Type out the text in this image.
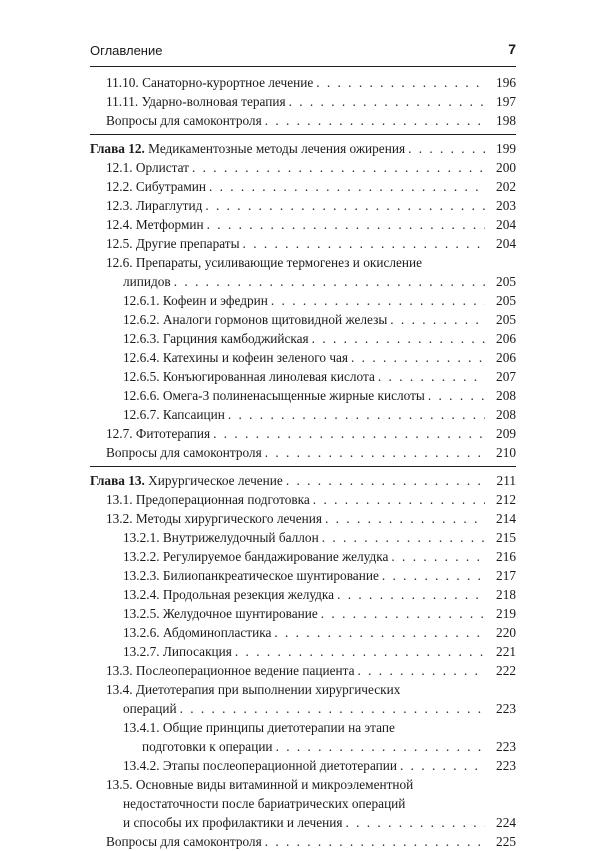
Оглавление	7
11.10. Санаторно-курортное лечение . . .	196
11.11. Ударно-волновая терапия . . .	197
Вопросы для самоконтроля . . .	198
Глава 12. Медикаментозные методы лечения ожирения . . .	199
12.1. Орлистат . . .	200
12.2. Сибутрамин . . .	202
12.3. Лираглутид . . .	203
12.4. Метформин . . .	204
12.5. Другие препараты . . .	204
12.6. Препараты, усиливающие термогенез и окисление
липидов . . .	205
12.6.1. Кофеин и эфедрин . . .	205
12.6.2. Аналоги гормонов щитовидной железы . . .	205
12.6.3. Гарциния камбоджийская . . .	206
12.6.4. Катехины и кофеин зеленого чая . . .	206
12.6.5. Конъюгированная линолевая кислота . . .	207
12.6.6. Омега-3 полиненасыщенные жирные кислоты . . .	208
12.6.7. Капсаицин . . .	208
12.7. Фитотерапия . . .	209
Вопросы для самоконтроля . . .	210
Глава 13. Хирургическое лечение . . .	211
13.1. Предоперационная подготовка . . .	212
13.2. Методы хирургического лечения . . .	214
13.2.1. Внутрижелудочный баллон . . .	215
13.2.2. Регулируемое бандажирование желудка . . .	216
13.2.3. Билиопанкреатическое шунтирование . . .	217
13.2.4. Продольная резекция желудка . . .	218
13.2.5. Желудочное шунтирование . . .	219
13.2.6. Абдоминопластика . . .	220
13.2.7. Липосакция . . .	221
13.3. Послеоперационное ведение пациента . . .	222
13.4. Диетотерапия при выполнении хирургических
операций . . .	223
13.4.1. Общие принципы диетотерапии на этапе
подготовки к операции . . .	223
13.4.2. Этапы послеоперационной диетотерапии . . .	223
13.5. Основные виды витаминной и микроэлементной
недостаточности после бариатрических операций
и способы их профилактики и лечения . . .	224
Вопросы для самоконтроля . . .	225
